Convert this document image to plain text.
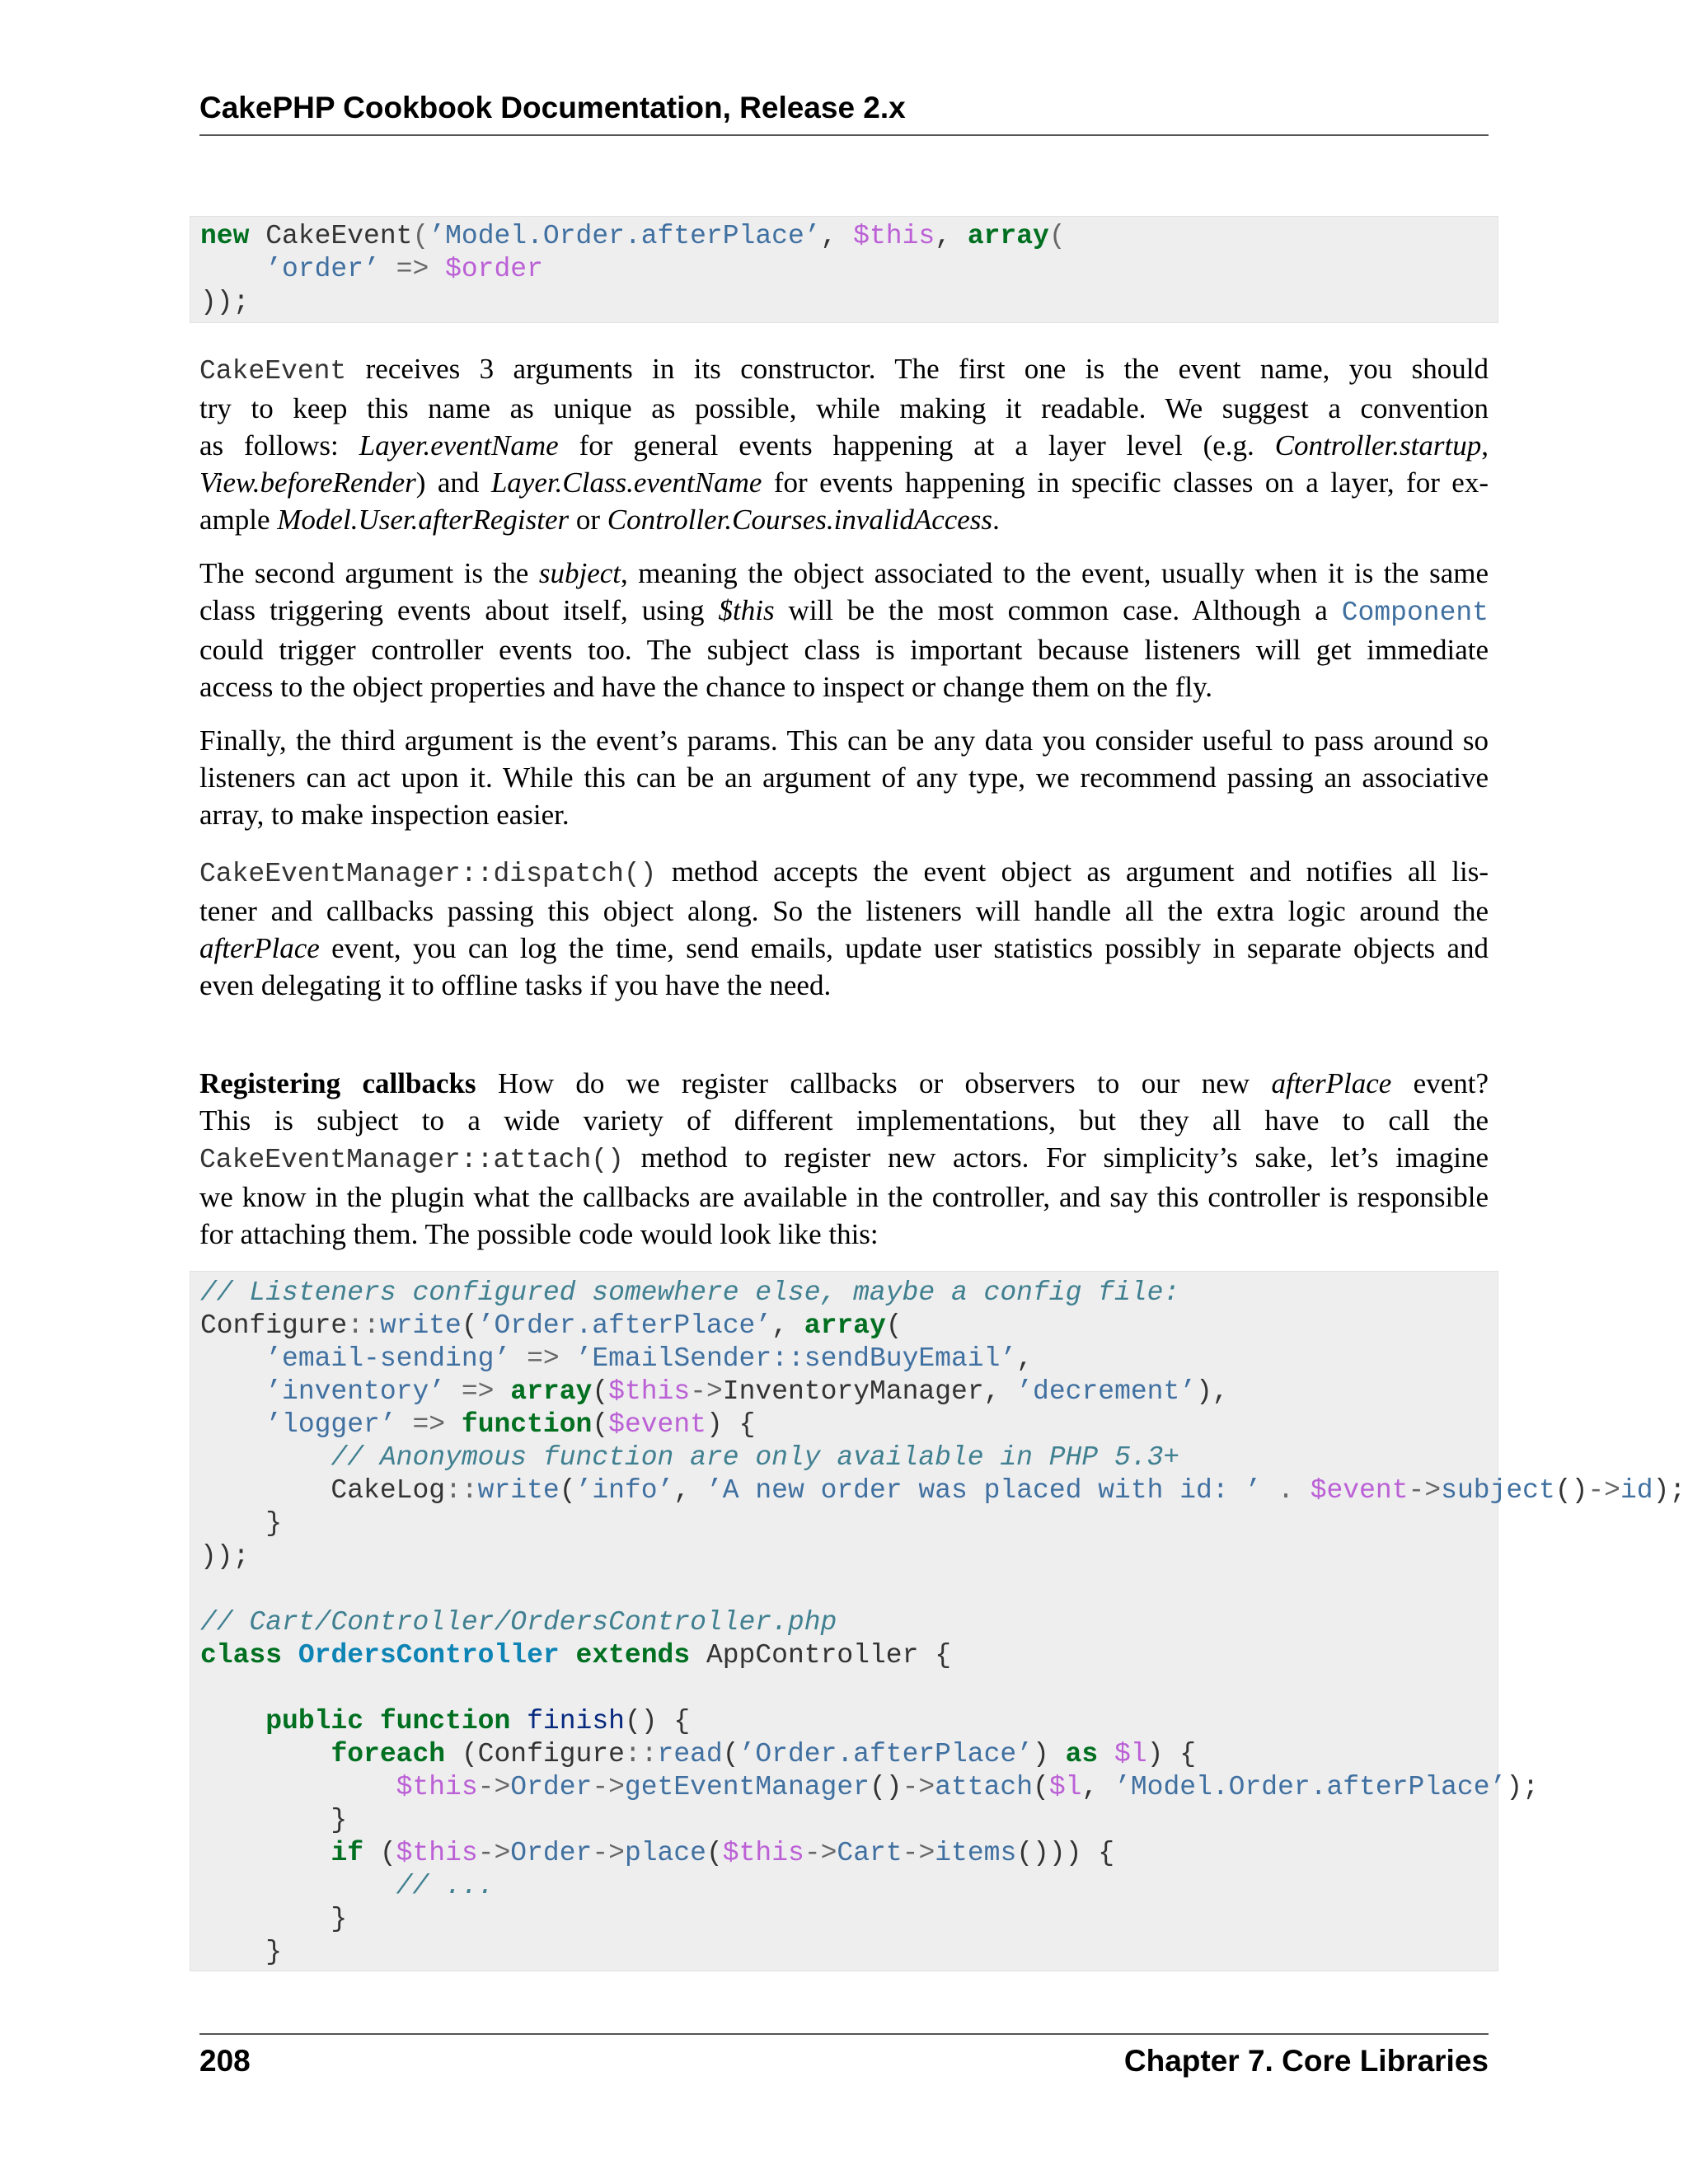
CakePHP Cookbook Documentation, Release 2.x
new CakeEvent(’Model.Order.afterPlace’, $this, array(
’order’ => $order
));
CakeEvent receives 3 arguments in its constructor. The first one is the event name, you should
try to keep this name as unique as possible, while making it readable. We suggest a convention
as follows: Layer.eventName for general events happening at a layer level (e.g. Controller.startup,
View.beforeRender) and Layer.Class.eventName for events happening in specific classes on a layer, for ex-
ample Model.User.afterRegister or Controller.Courses.invalidAccess.
The second argument is the subject, meaning the object associated to the event, usually when it is the same
class triggering events about itself, using $this will be the most common case. Although a Component
could trigger controller events too. The subject class is important because listeners will get immediate
access to the object properties and have the chance to inspect or change them on the fly.
Finally, the third argument is the event’s params. This can be any data you consider useful to pass around so
listeners can act upon it. While this can be an argument of any type, we recommend passing an associative
array, to make inspection easier.
CakeEventManager::dispatch() method accepts the event object as argument and notifies all lis-
tener and callbacks passing this object along. So the listeners will handle all the extra logic around the
afterPlace event, you can log the time, send emails, update user statistics possibly in separate objects and
even delegating it to offline tasks if you have the need.
Registering callbacks How do we register callbacks or observers to our new afterPlace event?
This is subject to a wide variety of different implementations, but they all have to call the
CakeEventManager::attach() method to register new actors. For simplicity’s sake, let’s imagine
we know in the plugin what the callbacks are available in the controller, and say this controller is responsible
for attaching them. The possible code would look like this:
// Listeners configured somewhere else, maybe a config file:
Configure::write(’Order.afterPlace’, array(
’email-sending’ => ’EmailSender::sendBuyEmail’,
’inventory’ => array($this->InventoryManager, ’decrement’),
’logger’ => function($event) {
// Anonymous function are only available in PHP 5.3+
CakeLog::write(’info’, ’A new order was placed with id: ’ . $event->subject()->id);
}
));

// Cart/Controller/OrdersController.php
class OrdersController extends AppController {

public function finish() {
foreach (Configure::read(’Order.afterPlace’) as $l) {
$this->Order->getEventManager()->attach($l, ’Model.Order.afterPlace’);
}
if ($this->Order->place($this->Cart->items())) {
// ...
}
}
208	Chapter 7. Core Libraries
